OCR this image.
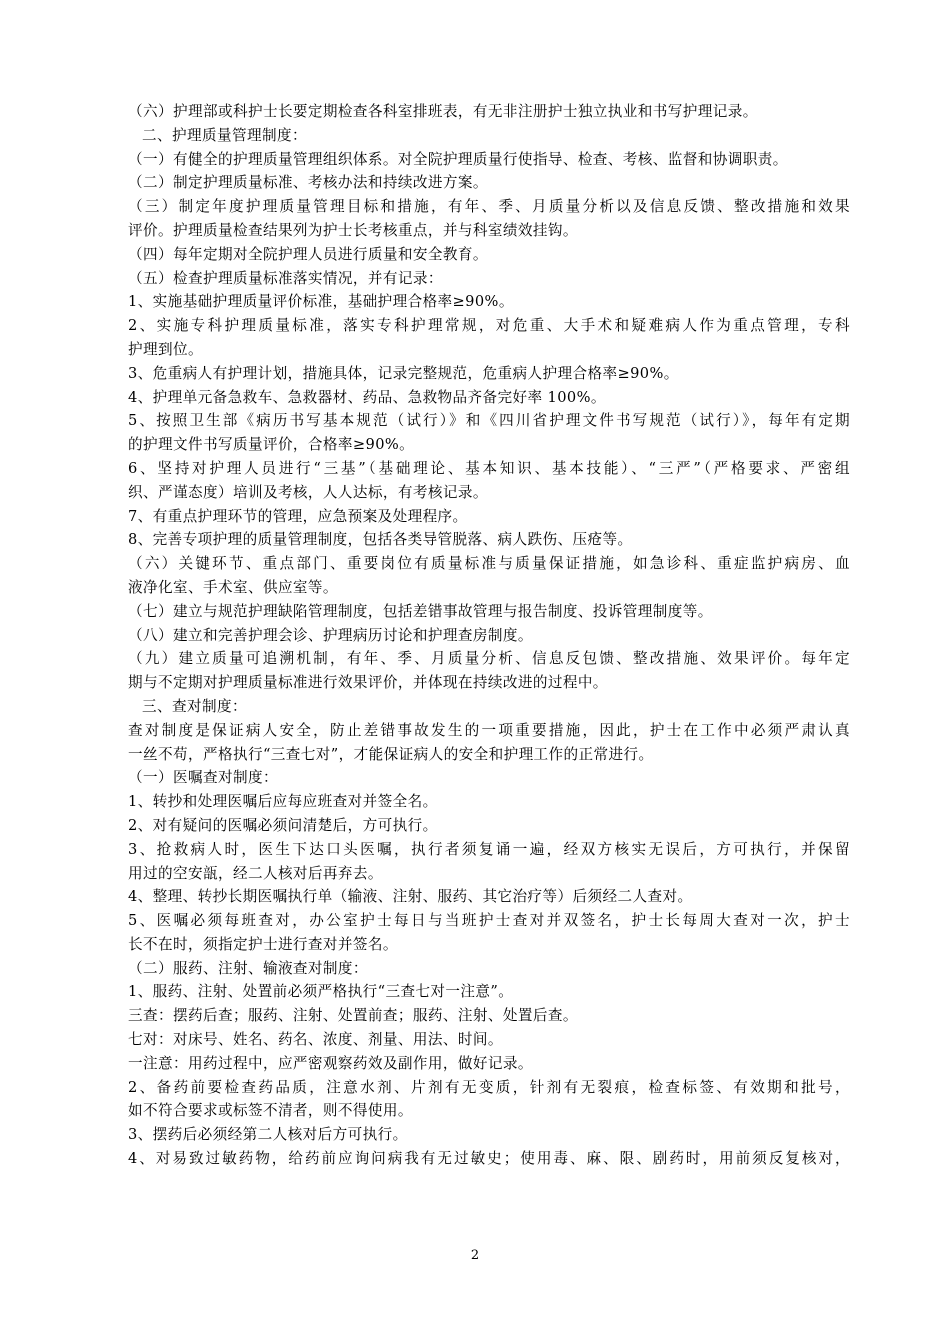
（六）护理部或科护士长要定期检查各科室排班表，有无非注册护士独立执业和书写护理记录。
二、护理质量管理制度：
（一）有健全的护理质量管理组织体系。对全院护理质量行使指导、检查、考核、监督和协调职责。
（二）制定护理质量标准、考核办法和持续改进方案。
（三）制定年度护理质量管理目标和措施，有年、季、月质量分析以及信息反馈、整改措施和效果
评价。护理质量检查结果列为护士长考核重点，并与科室绩效挂钩。
（四）每年定期对全院护理人员进行质量和安全教育。
（五）检查护理质量标准落实情况，并有记录：
1、实施基础护理质量评价标准，基础护理合格率≥90%。
2、实施专科护理质量标准，落实专科护理常规，对危重、大手术和疑难病人作为重点管理，专科
护理到位。
3、危重病人有护理计划，措施具体，记录完整规范，危重病人护理合格率≥90%。
4、护理单元备急救车、急救器材、药品、急救物品齐备完好率 100%。
5、按照卫生部《病历书写基本规范（试行）》和《四川省护理文件书写规范（试行）》，每年有定期
的护理文件书写质量评价，合格率≥90%。
6、坚持对护理人员进行“三基”（基础理论、基本知识、基本技能）、“三严”（严格要求、严密组
织、严谨态度）培训及考核，人人达标，有考核记录。
7、有重点护理环节的管理，应急预案及处理程序。
8、完善专项护理的质量管理制度，包括各类导管脱落、病人跌伤、压疮等。
（六）关键环节、重点部门、重要岗位有质量标准与质量保证措施，如急诊科、重症监护病房、血
液净化室、手术室、供应室等。
（七）建立与规范护理缺陷管理制度，包括差错事故管理与报告制度、投诉管理制度等。
（八）建立和完善护理会诊、护理病历讨论和护理查房制度。
（九）建立质量可追溯机制，有年、季、月质量分析、信息反包馈、整改措施、效果评价。每年定
期与不定期对护理质量标准进行效果评价，并体现在持续改进的过程中。
三、查对制度：
查对制度是保证病人安全，防止差错事故发生的一项重要措施，因此，护士在工作中必须严肃认真
一丝不苟，严格执行“三查七对”，才能保证病人的安全和护理工作的正常进行。
（一）医嘱查对制度：
1、转抄和处理医嘱后应每应班查对并签全名。
2、对有疑问的医嘱必须问清楚后，方可执行。
3、抢救病人时，医生下达口头医嘱，执行者须复诵一遍，经双方核实无误后，方可执行，并保留
用过的空安瓿，经二人核对后再弃去。
4、整理、转抄长期医嘱执行单（输液、注射、服药、其它治疗等）后须经二人查对。
5、医嘱必须每班查对，办公室护士每日与当班护士查对并双签名，护士长每周大查对一次，护士
长不在时，须指定护士进行查对并签名。
（二）服药、注射、输液查对制度：
1、服药、注射、处置前必须严格执行“三查七对一注意”。
三查：摆药后查；服药、注射、处置前查；服药、注射、处置后查。
七对：对床号、姓名、药名、浓度、剂量、用法、时间。
一注意：用药过程中，应严密观察药效及副作用，做好记录。
2、备药前要检查药品质，注意水剂、片剂有无变质，针剂有无裂痕，检查标签、有效期和批号，
如不符合要求或标签不清者，则不得使用。
3、摆药后必须经第二人核对后方可执行。
4、对易致过敏药物，给药前应询问病我有无过敏史；使用毒、麻、限、剧药时，用前须反复核对，
2
